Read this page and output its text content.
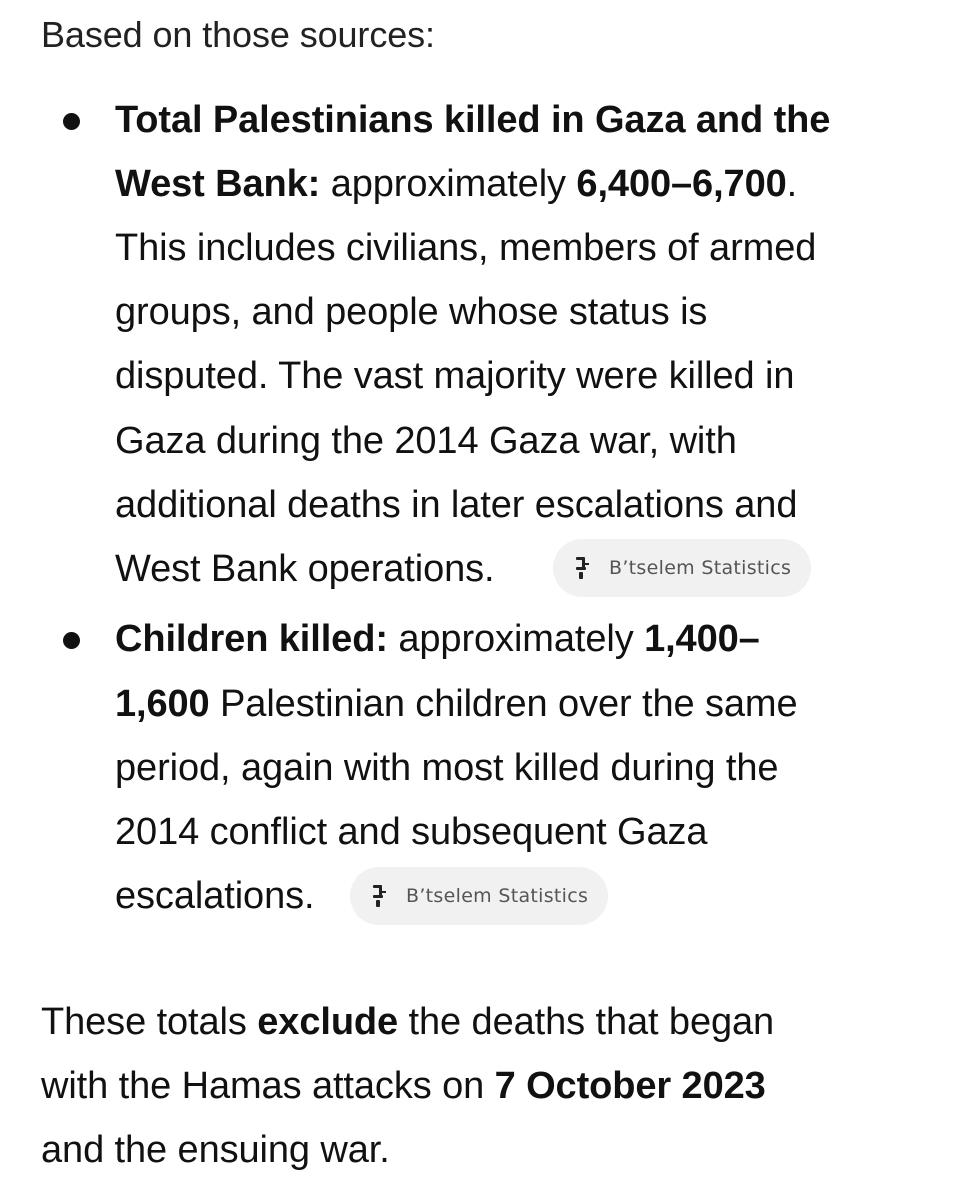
Based on those sources:
Total Palestinians killed in Gaza and the
West Bank: approximately 6,400–6,700.
This includes civilians, members of armed
groups, and people whose status is
disputed. The vast majority were killed in
Gaza during the 2014 Gaza war, with
additional deaths in later escalations and
West Bank operations.	B’tselem Statistics
Children killed: approximately 1,400–
1,600 Palestinian children over the same
period, again with most killed during the
2014 conflict and subsequent Gaza
escalations.	B’tselem Statistics
These totals exclude the deaths that began
with the Hamas attacks on 7 October 2023
and the ensuing war.
